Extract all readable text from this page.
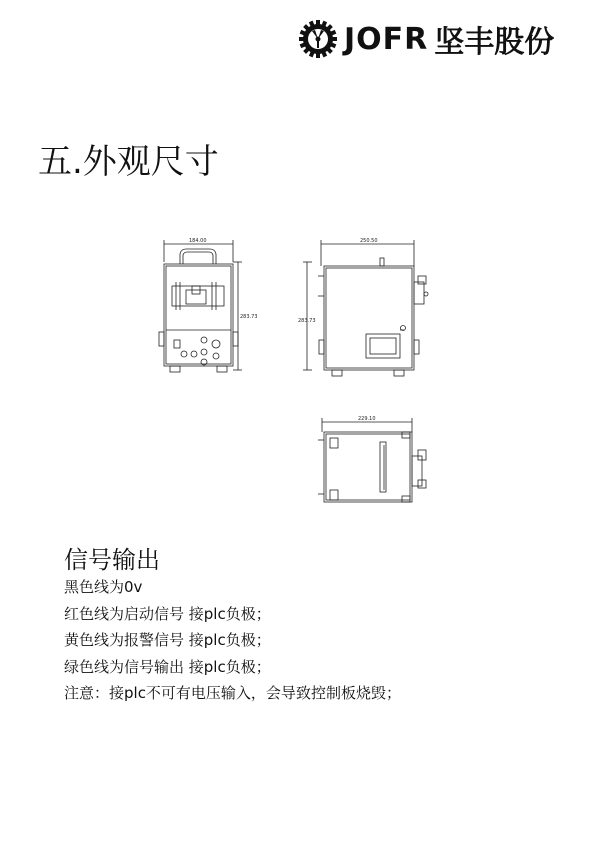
JOFR 坚丰股份
五.外观尺寸
184.00
283.73
250.50
283.73
229.10
信号输出
黑色线为0v
红色线为启动信号 接plc负极；
黄色线为报警信号 接plc负极；
绿色线为信号输出 接plc负极；
注意：接plc不可有电压输入，会导致控制板烧毁；
